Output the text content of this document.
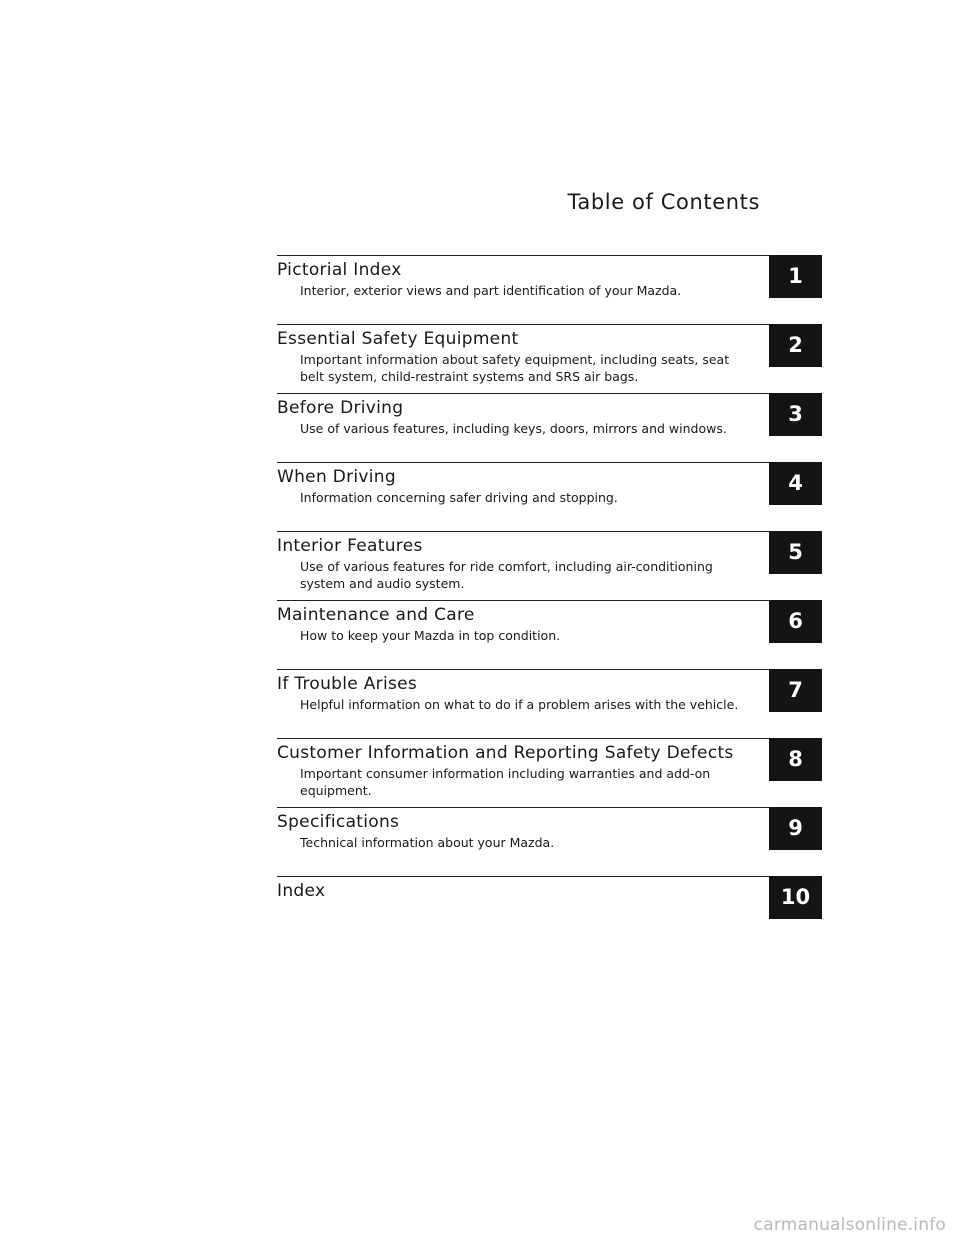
Table of Contents
Pictorial Index
Interior, exterior views and part identification of your Mazda.
1
Essential Safety Equipment
Important information about safety equipment, including seats, seat belt system, child-restraint systems and SRS air bags.
2
Before Driving
Use of various features, including keys, doors, mirrors and windows.
3
When Driving
Information concerning safer driving and stopping.
4
Interior Features
Use of various features for ride comfort, including air-conditioning system and audio system.
5
Maintenance and Care
How to keep your Mazda in top condition.
6
If Trouble Arises
Helpful information on what to do if a problem arises with the vehicle.
7
Customer Information and Reporting Safety Defects
Important consumer information including warranties and add-on equipment.
8
Specifications
Technical information about your Mazda.
9
Index	10
carmanualsonline.info
